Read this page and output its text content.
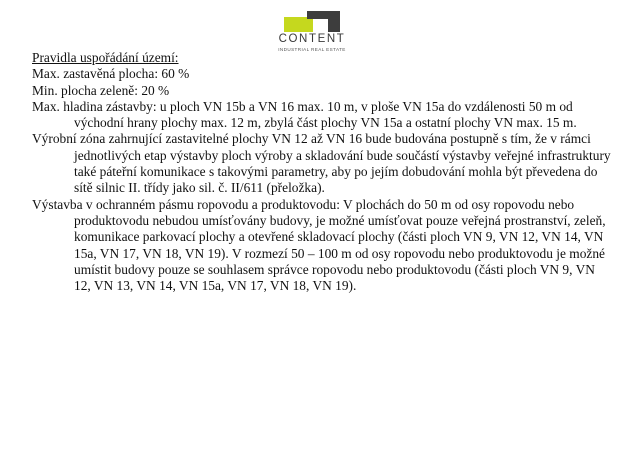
CONTENT
INDUSTRIAL REAL ESTATE

Pravidla uspořádání území:

Max. zastavěná plocha: 60 %

Min. plocha zeleně: 20 %

Max. hladina zástavby: u ploch VN 15b a VN 16 max. 10 m, v ploše VN 15a do vzdálenosti 50 m od východní hrany plochy max. 12 m, zbylá část plochy VN 15a a ostatní plochy VN max. 15 m.

Výrobní zóna zahrnující zastavitelné plochy VN 12 až VN 16 bude budována postupně s tím, že v rámci jednotlivých etap výstavby ploch výroby a skladování bude součástí výstavby veřejné infrastruktury také páteřní komunikace s takovými parametry, aby po jejím dobudování mohla být převedena do sítě silnic II. třídy jako sil. č. II/611 (přeložka).

Výstavba v ochranném pásmu ropovodu a produktovodu: V plochách do 50 m od osy ropovodu nebo produktovodu nebudou umísťovány budovy, je možné umísťovat pouze veřejná prostranství, zeleň, komunikace parkovací plochy a otevřené skladovací plochy (části ploch VN 9, VN 12, VN 14, VN 15a, VN 17, VN 18, VN 19). V rozmezí 50 – 100 m od osy ropovodu nebo produktovodu je možné umístit budovy pouze se souhlasem správce ropovodu nebo produktovodu (části ploch VN 9, VN 12, VN 13, VN 14, VN 15a, VN 17, VN 18, VN 19).
